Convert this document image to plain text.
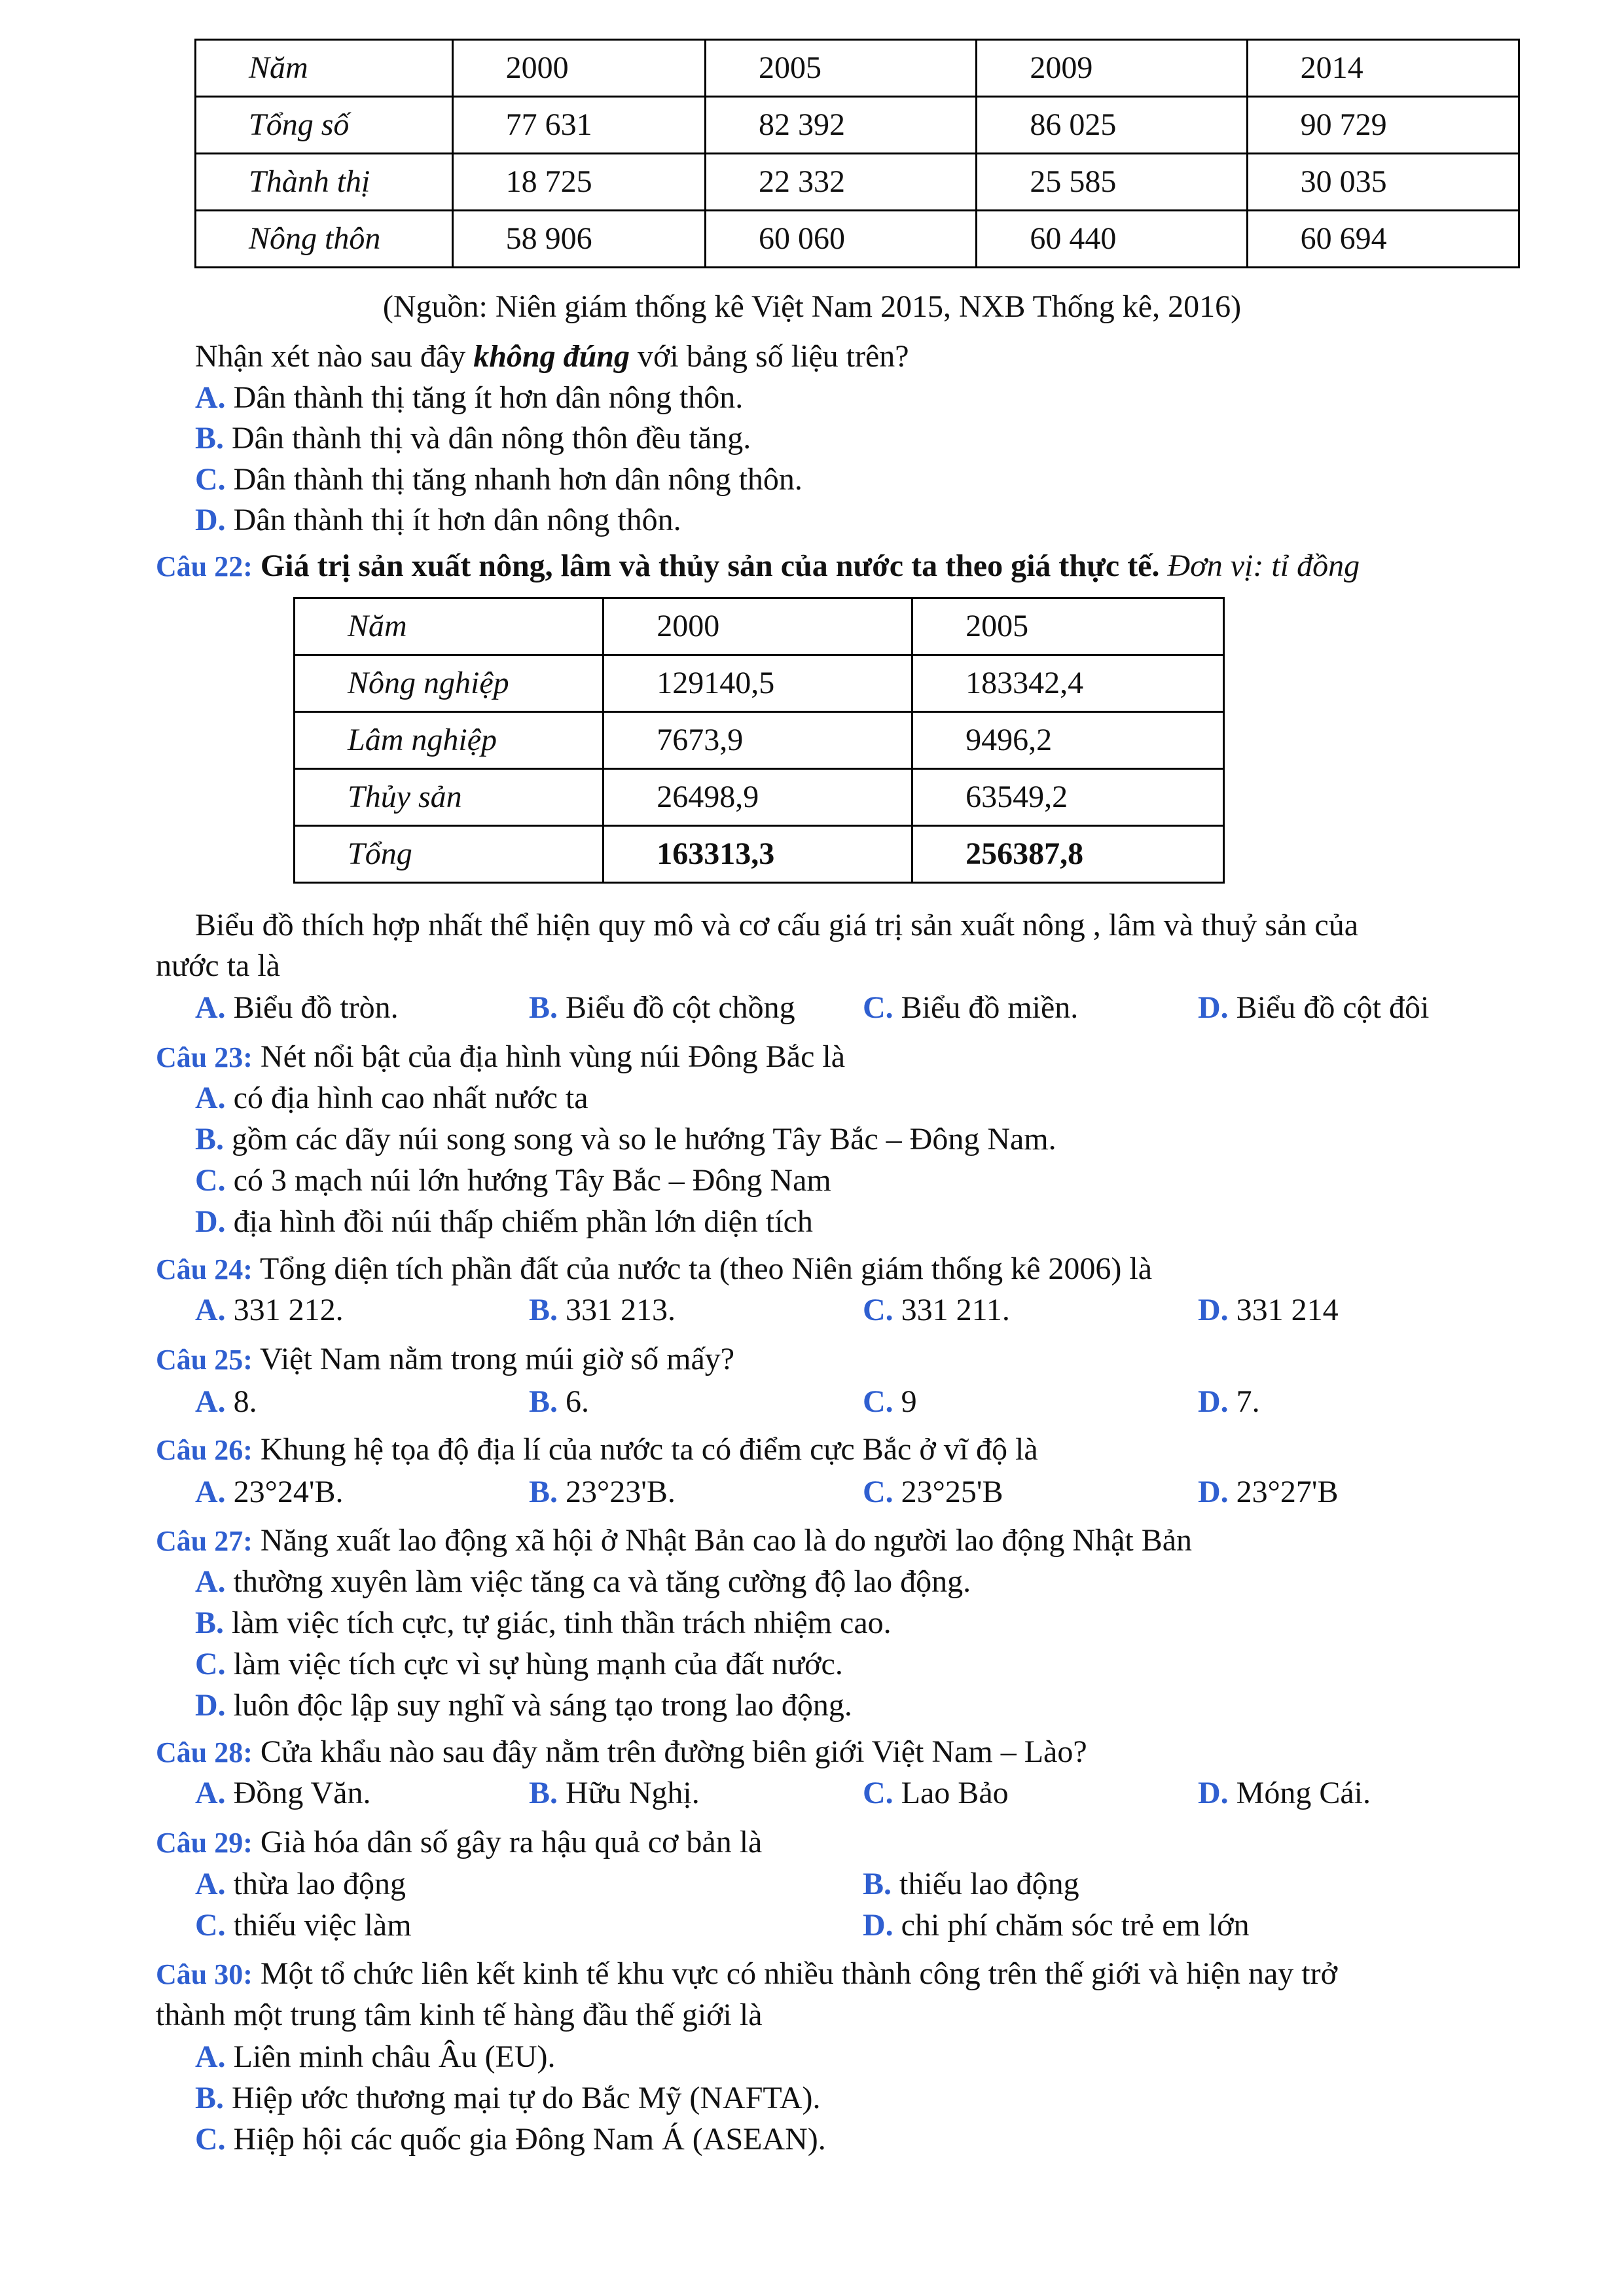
Năm	2000	2005	2009	2014
Tổng số	77 631	82 392	86 025	90 729
Thành thị	18 725	22 332	25 585	30 035
Nông thôn	58 906	60 060	60 440	60 694
(Nguồn: Niên giám thống kê Việt Nam 2015, NXB Thống kê, 2016)
Nhận xét nào sau đây không đúng với bảng số liệu trên?
A. Dân thành thị tăng ít hơn dân nông thôn.
B. Dân thành thị và dân nông thôn đều tăng.
C. Dân thành thị tăng nhanh hơn dân nông thôn.
D. Dân thành thị ít hơn dân nông thôn.
Câu 22: Giá trị sản xuất nông, lâm và thủy sản của nước ta theo giá thực tế. Đơn vị: tỉ đồng
Năm	2000	2005
Nông nghiệp	129140,5	183342,4
Lâm nghiệp	7673,9	9496,2
Thủy sản	26498,9	63549,2
Tổng	163313,3	256387,8
Biểu đồ thích hợp nhất thể hiện quy mô và cơ cấu giá trị sản xuất nông , lâm và thuỷ sản của
nước ta là
A. Biểu đồ tròn.	B. Biểu đồ cột chồng C. Biểu đồ miền.	D. Biểu đồ cột đôi
Câu 23: Nét nổi bật của địa hình vùng núi Đông Bắc là
A. có địa hình cao nhất nước ta
B. gồm các dãy núi song song và so le hướng Tây Bắc – Đông Nam.
C. có 3 mạch núi lớn hướng Tây Bắc – Đông Nam
D. địa hình đồi núi thấp chiếm phần lớn diện tích
Câu 24: Tổng diện tích phần đất của nước ta (theo Niên giám thống kê 2006) là
A. 331 212.	B. 331 213.	C. 331 211.	D. 331 214
Câu 25: Việt Nam nằm trong múi giờ số mấy?
A. 8.	B. 6.	C. 9	D. 7.
Câu 26: Khung hệ tọa độ địa lí của nước ta có điểm cực Bắc ở vĩ độ là
A. 23°24'B.	B. 23°23'B.	C. 23°25'B	D. 23°27'B
Câu 27: Năng xuất lao động xã hội ở Nhật Bản cao là do người lao động Nhật Bản
A. thường xuyên làm việc tăng ca và tăng cường độ lao động.
B. làm việc tích cực, tự giác, tinh thần trách nhiệm cao.
C. làm việc tích cực vì sự hùng mạnh của đất nước.
D. luôn độc lập suy nghĩ và sáng tạo trong lao động.
Câu 28: Cửa khẩu nào sau đây nằm trên đường biên giới Việt Nam – Lào?
A. Đồng Văn.	B. Hữu Nghị.	C. Lao Bảo	D. Móng Cái.
Câu 29: Già hóa dân số gây ra hậu quả cơ bản là
A. thừa lao động	B. thiếu lao động
C. thiếu việc làm	D. chi phí chăm sóc trẻ em lớn
Câu 30: Một tổ chức liên kết kinh tế khu vực có nhiều thành công trên thế giới và hiện nay trở
thành một trung tâm kinh tế hàng đầu thế giới là
A. Liên minh châu Âu (EU).
B. Hiệp ước thương mại tự do Bắc Mỹ (NAFTA).
C. Hiệp hội các quốc gia Đông Nam Á (ASEAN).
